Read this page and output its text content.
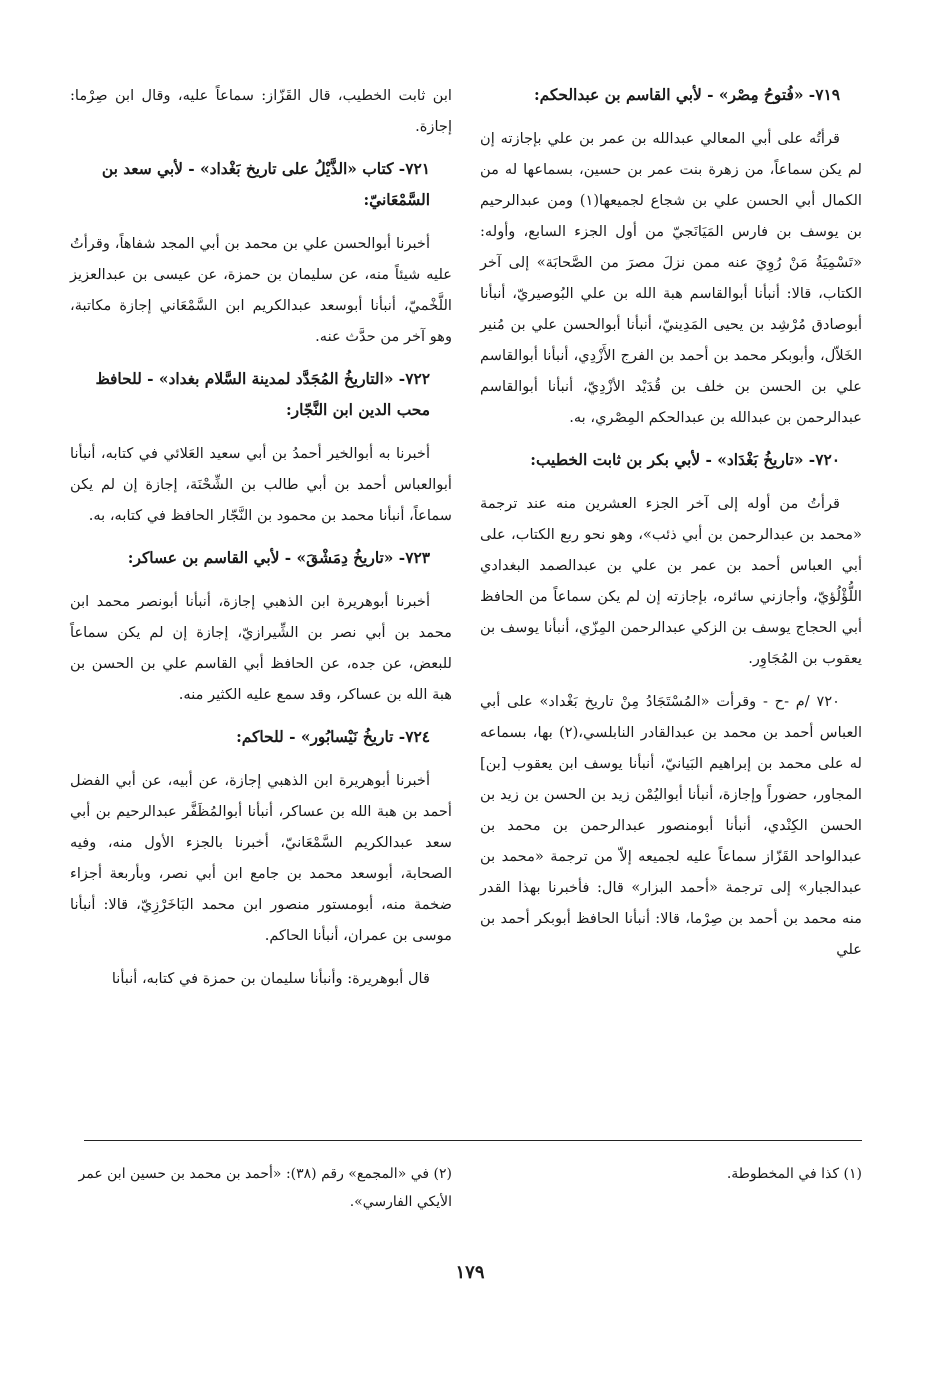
٧١٩- «فُتوحُ مِصْر» - لأبي القاسم بن عبدالحكم:
قرأتُه على أبي المعالي عبدالله بن عمر بن علي بإجازته إن لم يكن سماعاً، من زهرة بنت عمر بن حسين، بسماعها له من الكمال أبي الحسن علي بن شجاع لجميعها(١) ومن عبدالرحيم بن يوسف بن فارس المَيَانَجيّ من أول الجزء السابع، وأوله: «تَسْمِيَةُ مَنْ رُوِيَ عنه ممن نزلَ مصرَ من الصَّحابَة» إلى آخر الكتاب، قالا: أنبأنا أبوالقاسم هبة الله بن علي البُوصيريّ، أنبأنا أبوصادق مُرْشِد بن يحيى المَدِينيّ، أنبأنا أبوالحسن علي بن مُنير الخَلاّل، وأبوبكر محمد بن أحمد بن الفرج الأَزْدِي، أنبأنا أبوالقاسم علي بن الحسن بن خلف بن قُدَيْد الأزْدِيّ، أنبأنا أبوالقاسم عبدالرحمن بن عبدالله بن عبدالحكم المِصْري، به.
٧٢٠- «تاريخُ بَغْدَاد» - لأبي بكر بن ثابت الخطيب:
قرأتُ من أوله إلى آخر الجزء العشرين منه عند ترجمة «محمد بن عبدالرحمن بن أبي ذئب»، وهو نحو ربع الكتاب، على أبي العباس أحمد بن عمر بن علي بن عبدالصمد البغدادي اللُّؤْلُؤيّ، وأجازني سائره، بإجازته إن لم يكن سماعاً من الحافظ أبي الحجاج يوسف بن الزكي عبدالرحمن المِزّي، أنبأنا يوسف بن يعقوب بن المُجَاوِر.
٧٢٠ /م -ح - وقرأت «المُسْتَجَادُ مِنْ تاريخ بَغْداد» على أبي العباس أحمد بن محمد بن عبدالقادر النابلسي،(٢) بها، بسماعه له على محمد بن إبراهيم البَيانيّ، أنبأنا يوسف ابن يعقوب [بن] المجاور، حضوراً وإجازة، أنبأنا أبواليُمْن زيد بن الحسن بن زيد بن الحسن الكِنْدي، أنبأنا أبومنصور عبدالرحمن بن محمد بن عبدالواحد القَزّاز سماعاً عليه لجميعه إلاّ من ترجمة «محمد بن عبدالجبار» إلى ترجمة «أحمد البزار» قال: فأخبرنا بهذا القدر منه محمد بن أحمد بن صِرْما، قالا: أنبأنا الحافظ أبوبكر أحمد بن علي
ابن ثابت الخطيب، قال القَزّاز: سماعاً عليه، وقال ابن صِرْما: إجازة.
٧٢١- كتاب «الذَّيْلُ على تاريخ بَغْداد» - لأبي سعد بن السَّمْعَانيّ:
أخبرنا أبوالحسن علي بن محمد بن أبي المجد شفاهاً، وقرأتُ عليه شيئاً منه، عن سليمان بن حمزة، عن عيسى بن عبدالعزيز اللَّخْميّ، أنبأنا أبوسعد عبدالكريم ابن السَّمْعَاني إجازة مكاتبة، وهو آخر من حدَّث عنه.
٧٢٢- «التاريخُ المُجَدَّد لمدينة السَّلام بغداد» - للحافظ محب الدين ابن النَّجّار:
أخبرنا به أبوالخير أحمدُ بن أبي سعيد العَلائي في كتابه، أنبأنا أبوالعباس أحمد بن أبي طالب بن الشِّحْنَة، إجازة إن لم يكن سماعاً، أنبأنا محمد بن محمود بن النَّجّار الحافظ في كتابه، به.
٧٢٣- «تاريخُ دِمَشْقَ» - لأبي القاسم بن عساكر:
أخبرنا أبوهريرة ابن الذهبي إجازة، أنبأنا أبونصر محمد ابن محمد بن أبي نصر بن الشِّيرازيّ، إجازة إن لم يكن سماعاً للبعض، عن جده، عن الحافظ أبي القاسم علي بن الحسن بن هبة الله بن عساكر، وقد سمع عليه الكثير منه.
٧٢٤- تاريخُ نَيْسابُور» - للحاكم:
أخبرنا أبوهريرة ابن الذهبي إجازة، عن أبيه، عن أبي الفضل أحمد بن هبة الله بن عساكر، أنبأنا أبوالمُظَفَّر عبدالرحيم بن أبي سعد عبدالكريم السَّمْعَانيّ، أخبرنا بالجزء الأول منه، وفيه الصحابة، أبوسعد محمد بن جامع ابن أبي نصر، وبأربعة أجزاء ضخمة منه، أبومستور منصور ابن محمد البَاخَرْزِيّ، قالا: أنبأنا موسى بن عمران، أنبأنا الحاكم.
قال أبوهريرة: وأنبأنا سليمان بن حمزة في كتابه، أنبأنا
(١) كذا في المخطوطة.
(٢) في «المجمع» رقم (٣٨): «أحمد بن محمد بن حسين ابن عمر الأيكي الفارسي».
١٧٩
